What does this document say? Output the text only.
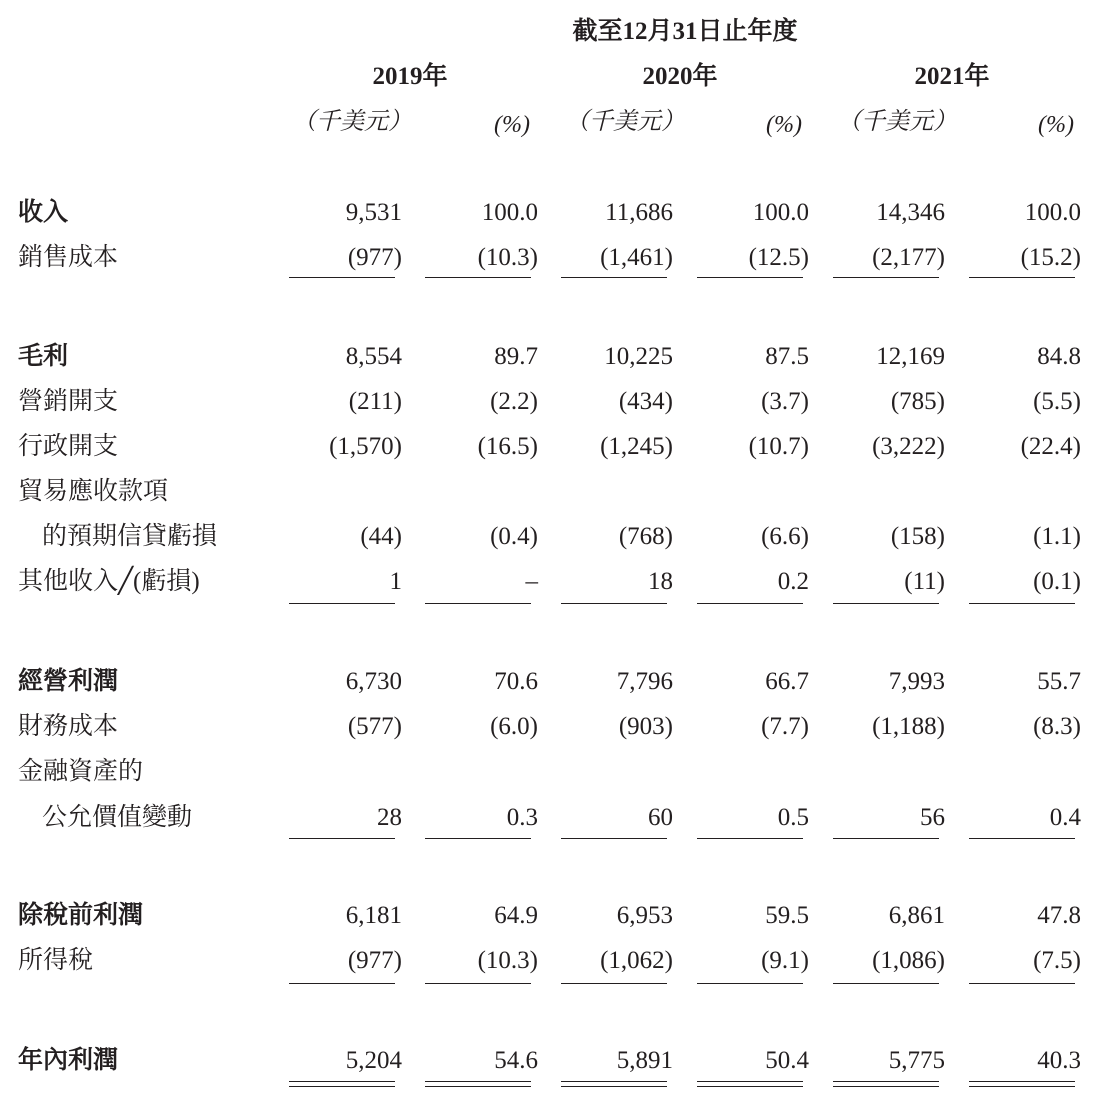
截至12月31日止年度
2019年	2020年	2021年
（千美元）	(%) （千美元）	(%) （千美元）	(%)
收入	9,531	100.0	11,686	100.0	14,346	100.0
銷售成本	(977)	(10.3)	(1,461)	(12.5)	(2,177)	(15.2)
毛利	8,554	89.7	10,225	87.5	12,169	84.8
營銷開支	(211)	(2.2)	(434)	(3.7)	(785)	(5.5)
行政開支	(1,570)	(16.5)	(1,245)	(10.7)	(3,222)	(22.4)
貿易應收款項
的預期信貸虧損	(44)	(0.4)	(768)	(6.6)	(158)	(1.1)
其他收入╱(虧損)	1	–	18	0.2	(11)	(0.1)
經營利潤	6,730	70.6	7,796	66.7	7,993	55.7
財務成本	(577)	(6.0)	(903)	(7.7)	(1,188)	(8.3)
金融資產的
公允價值變動	28	0.3	60	0.5	56	0.4
除稅前利潤	6,181	64.9	6,953	59.5	6,861	47.8
所得稅	(977)	(10.3)	(1,062)	(9.1)	(1,086)	(7.5)
年內利潤	5,204	54.6	5,891	50.4	5,775	40.3
